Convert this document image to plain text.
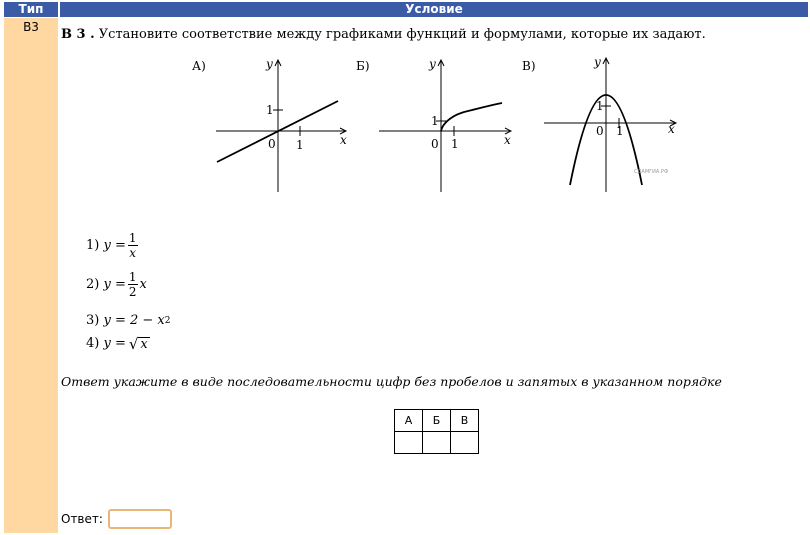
Тип	Условие
B3	B 3 . Установите соответствие между графиками функций и формулами, которые их задают.
А)	y
x
1
0 1
Б)	y
x
1
0 1
В)	y
x
1
0 1
СДАМГИА.РФ
1)
$y = \frac{1}{x}$
2)
$y = \frac{1}{2}$ x
3)
y =
2 − x 2
4)
y = √ x
Ответ укажите в виде последовательности цифр без пробелов и запятых в указанном порядке
А	Б	В

Ответ:
